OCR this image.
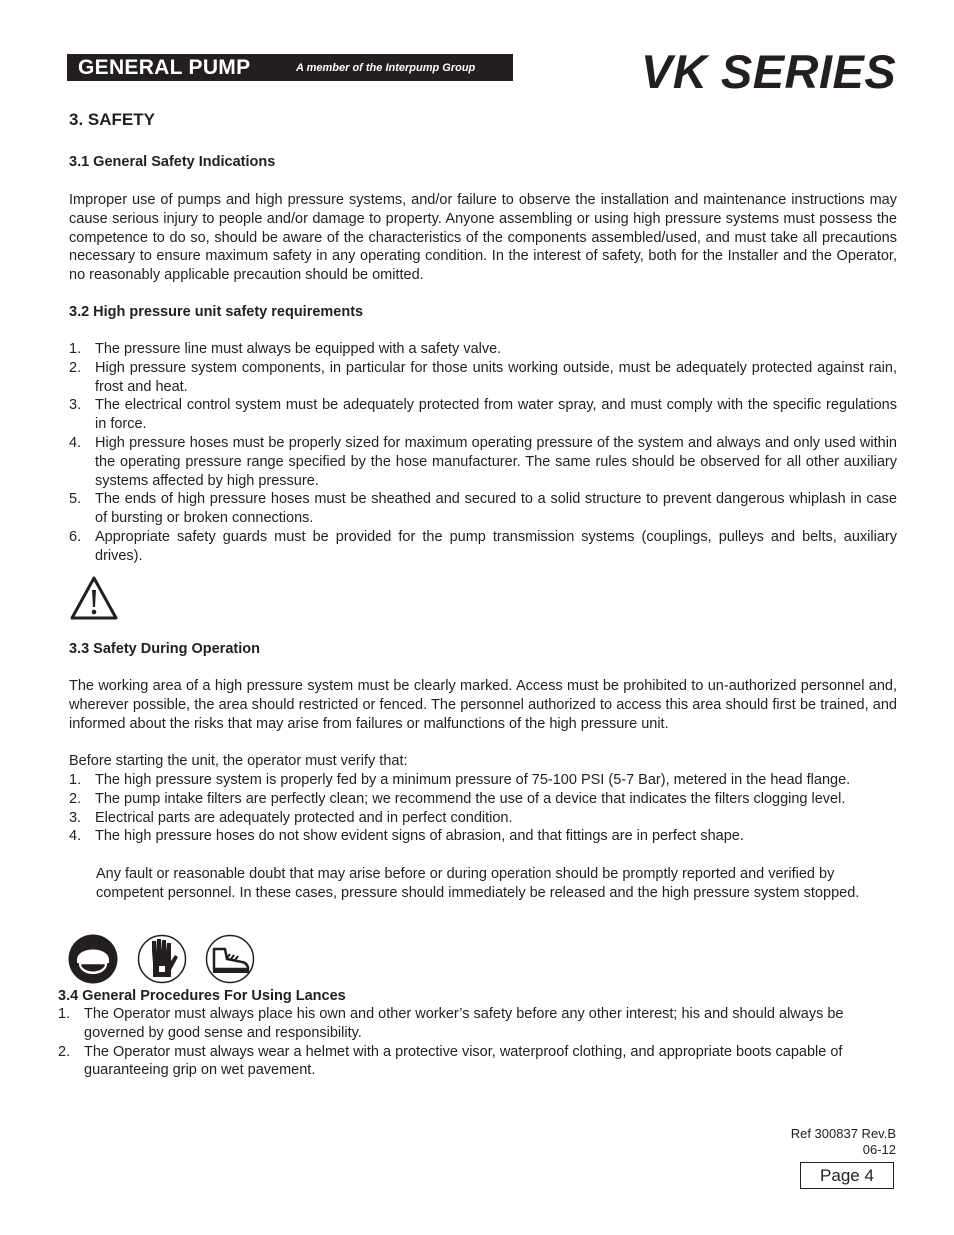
GENERAL PUMP	A member of the Interpump Group	VK SERIES
3. SAFETY
3.1 General Safety Indications

Improper use of pumps and high pressure systems, and/or failure to observe the installation and maintenance instructions may cause serious injury to people and/or damage to property. Anyone assembling or using high pressure systems must possess the competence to do so, should be aware of the characteristics of the components assembled/used, and must take all precautions necessary to ensure maximum safety in any operating condition. In the interest of safety, both for the Installer and the Operator, no reasonably applicable precaution should be omitted.

3.2 High pressure unit safety requirements
1. The pressure line must always be equipped with a safety valve.
2. High pressure system components, in particular for those units working outside, must be adequately protected against rain, frost and heat.
3. The electrical control system must be adequately protected from water spray, and must comply with the specific regulations in force.
4. High pressure hoses must be properly sized for maximum operating pressure of the system and always and only used within the operating pressure range specified by the hose manufacturer. The same rules should be observed for all other auxiliary systems affected by high pressure.
5. The ends of high pressure hoses must be sheathed and secured to a solid structure to prevent dangerous whiplash in case of bursting or broken connections.
6. Appropriate safety guards must be provided for the pump transmission systems (couplings, pulleys and belts, auxiliary drives).
3.3 Safety During Operation

The working area of a high pressure system must be clearly marked. Access must be prohibited to un-authorized personnel and, wherever possible, the area should restricted or fenced. The personnel authorized to access this area should first be trained, and informed about the risks that may arise from failures or malfunctions of the high pressure unit.

Before starting the unit, the operator must verify that:
1. The high pressure system is properly fed by a minimum pressure of 75-100 PSI (5-7 Bar), metered in the head flange.
2. The pump intake filters are perfectly clean; we recommend the use of a device that indicates the filters clogging level.
3. Electrical parts are adequately protected and in perfect condition.
4. The high pressure hoses do not show evident signs of abrasion, and that fittings are in perfect shape.

Any fault or reasonable doubt that may arise before or during operation should be promptly reported and verified by competent personnel. In these cases, pressure should immediately be released and the high pressure system stopped.

3.4 General Procedures For Using Lances
1. The Operator must always place his own and other worker’s safety before any other interest; his and should always be governed by good sense and responsibility.
2. The Operator must always wear a helmet with a protective visor, waterproof clothing, and appropriate boots capable of guaranteeing grip on wet pavement.
Ref 300837 Rev.B
06-12
Page 4
